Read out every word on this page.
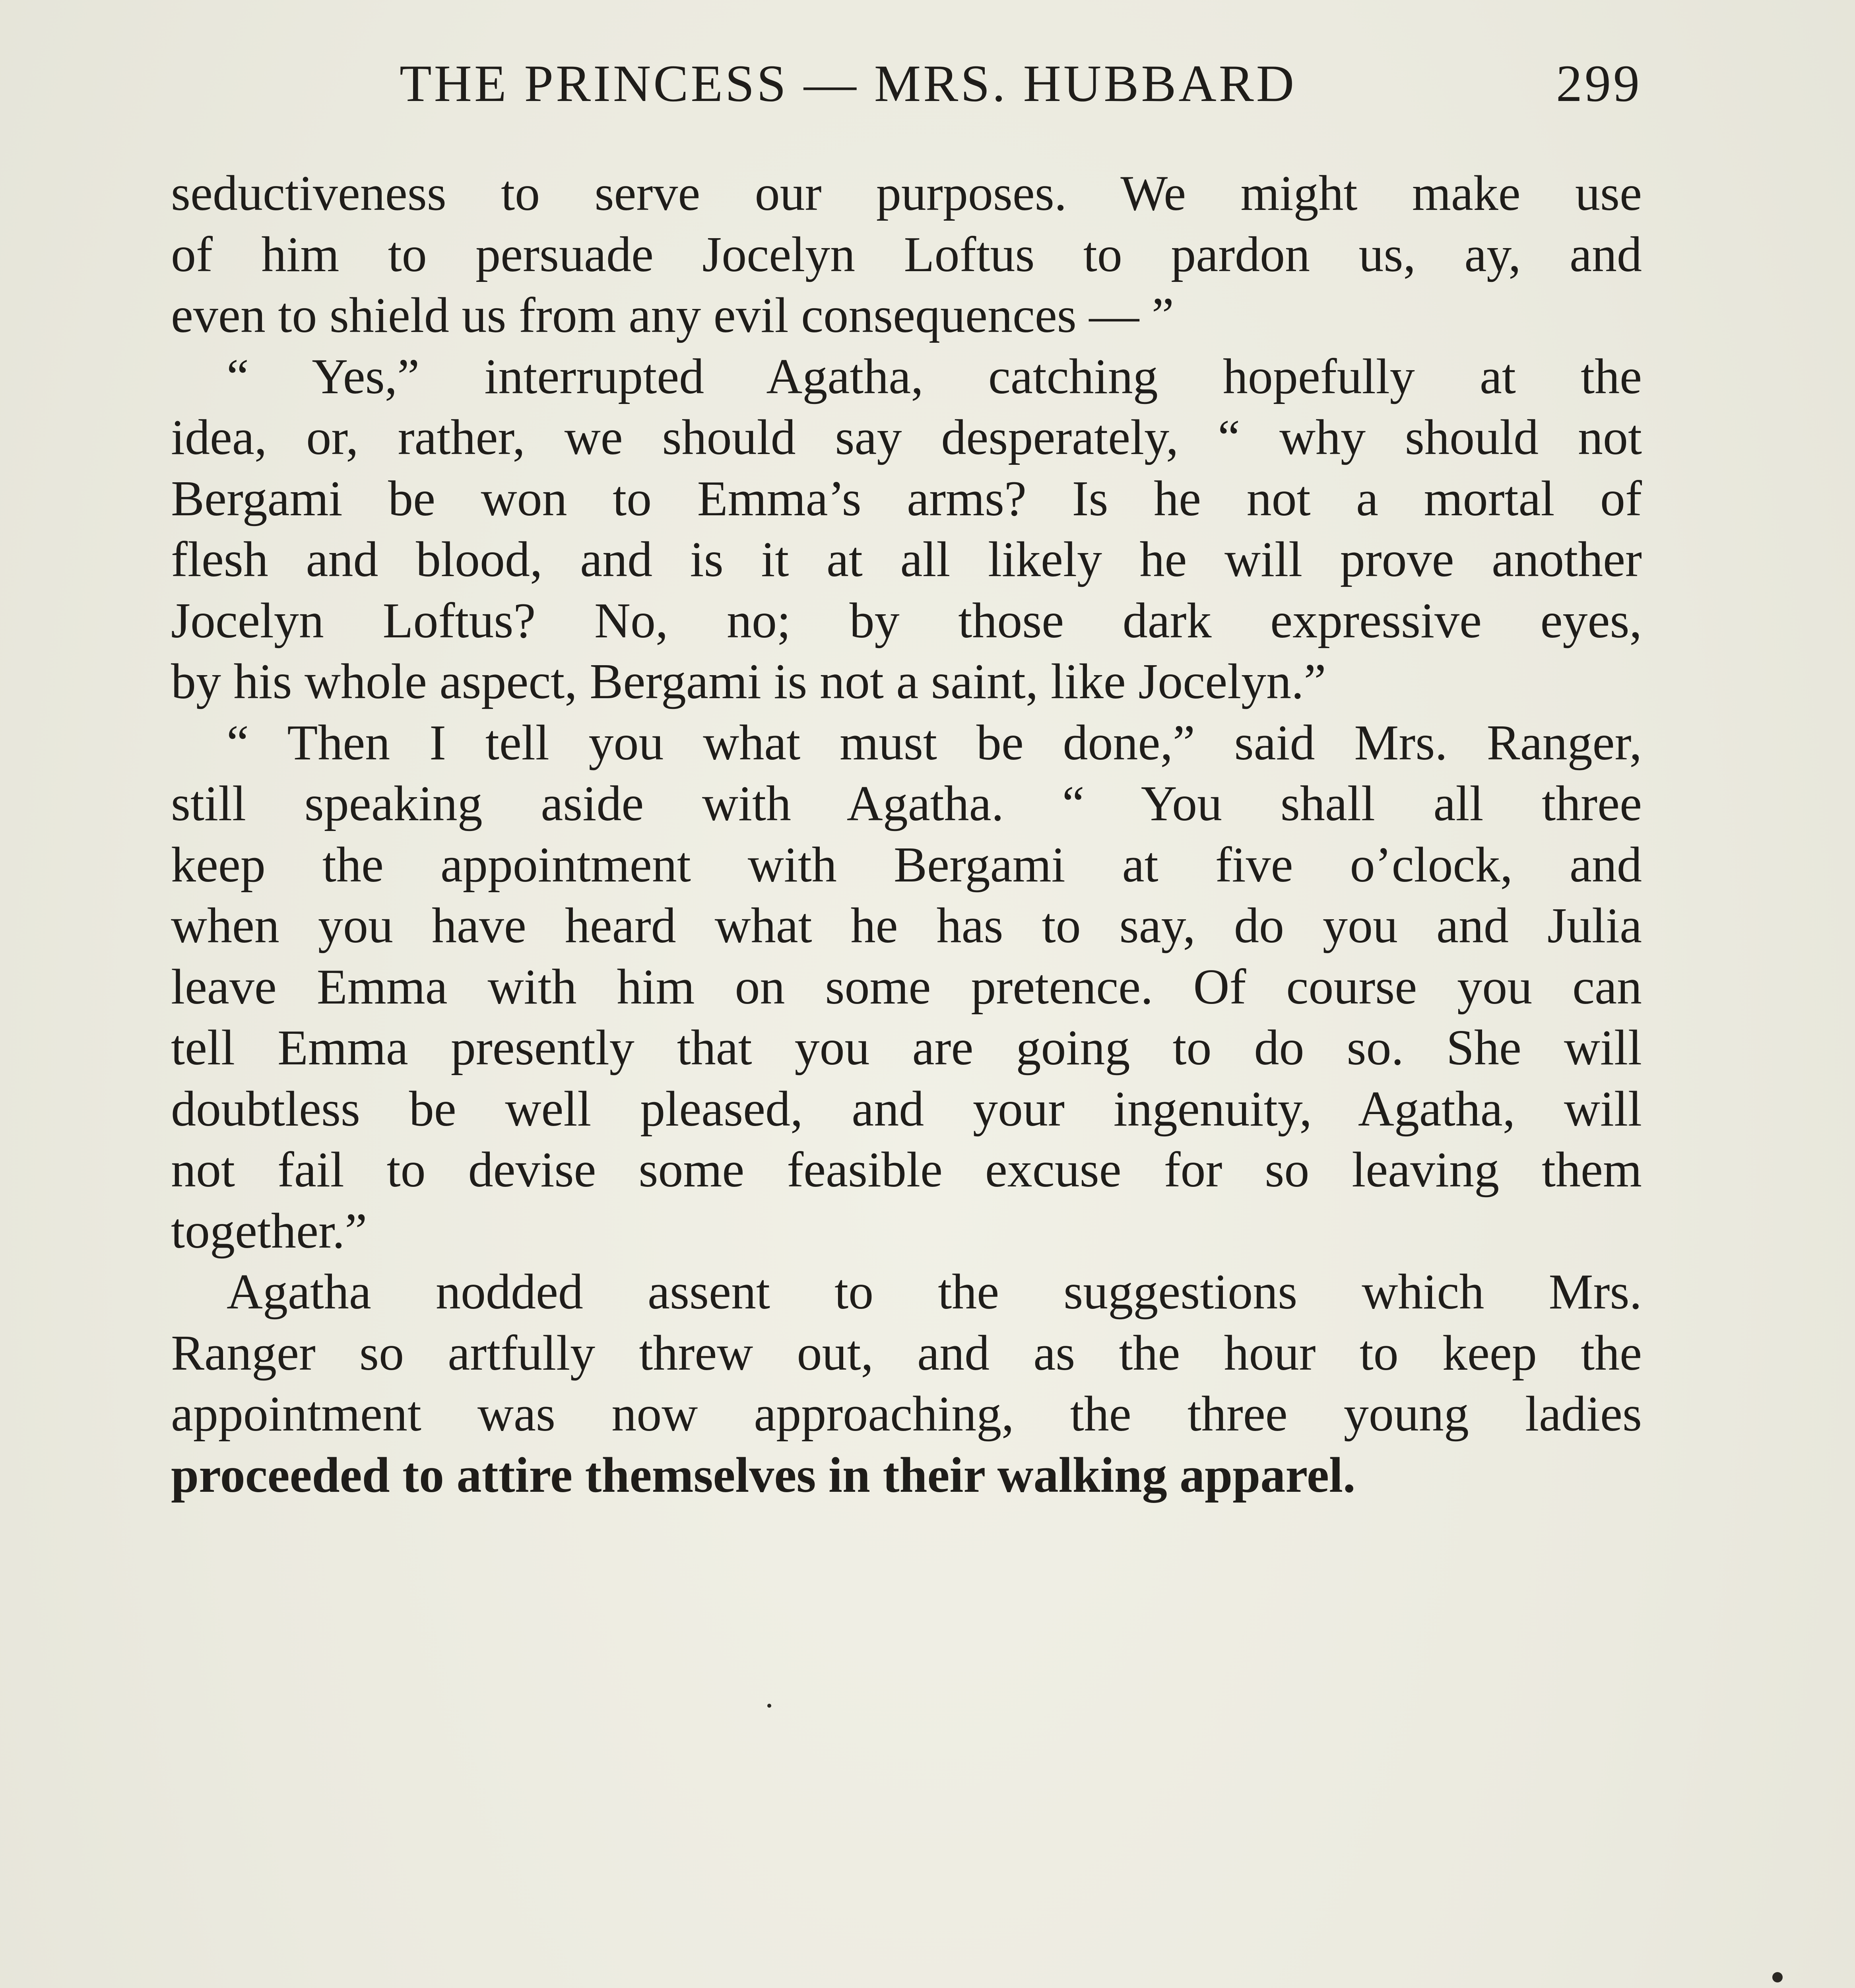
THE PRINCESS — MRS. HUBBARD	299
seductiveness to serve our purposes. We might make use
of him to persuade Jocelyn Loftus to pardon us, ay, and
even to shield us from any evil consequences — ”
“ Yes,” interrupted Agatha, catching hopefully at the
idea, or, rather, we should say desperately, “ why should not
Bergami be won to Emma’s arms? Is he not a mortal of
flesh and blood, and is it at all likely he will prove another
Jocelyn Loftus? No, no; by those dark expressive eyes,
by his whole aspect, Bergami is not a saint, like Jocelyn.”
“ Then I tell you what must be done,” said Mrs. Ranger,
still speaking aside with Agatha. “ You shall all three
keep the appointment with Bergami at five o’clock, and
when you have heard what he has to say, do you and Julia
leave Emma with him on some pretence. Of course you can
tell Emma presently that you are going to do so. She will
doubtless be well pleased, and your ingenuity, Agatha, will
not fail to devise some feasible excuse for so leaving them
together.”
Agatha nodded assent to the suggestions which Mrs.
Ranger so artfully threw out, and as the hour to keep the
appointment was now approaching, the three young ladies
proceeded to attire themselves in their walking apparel.
